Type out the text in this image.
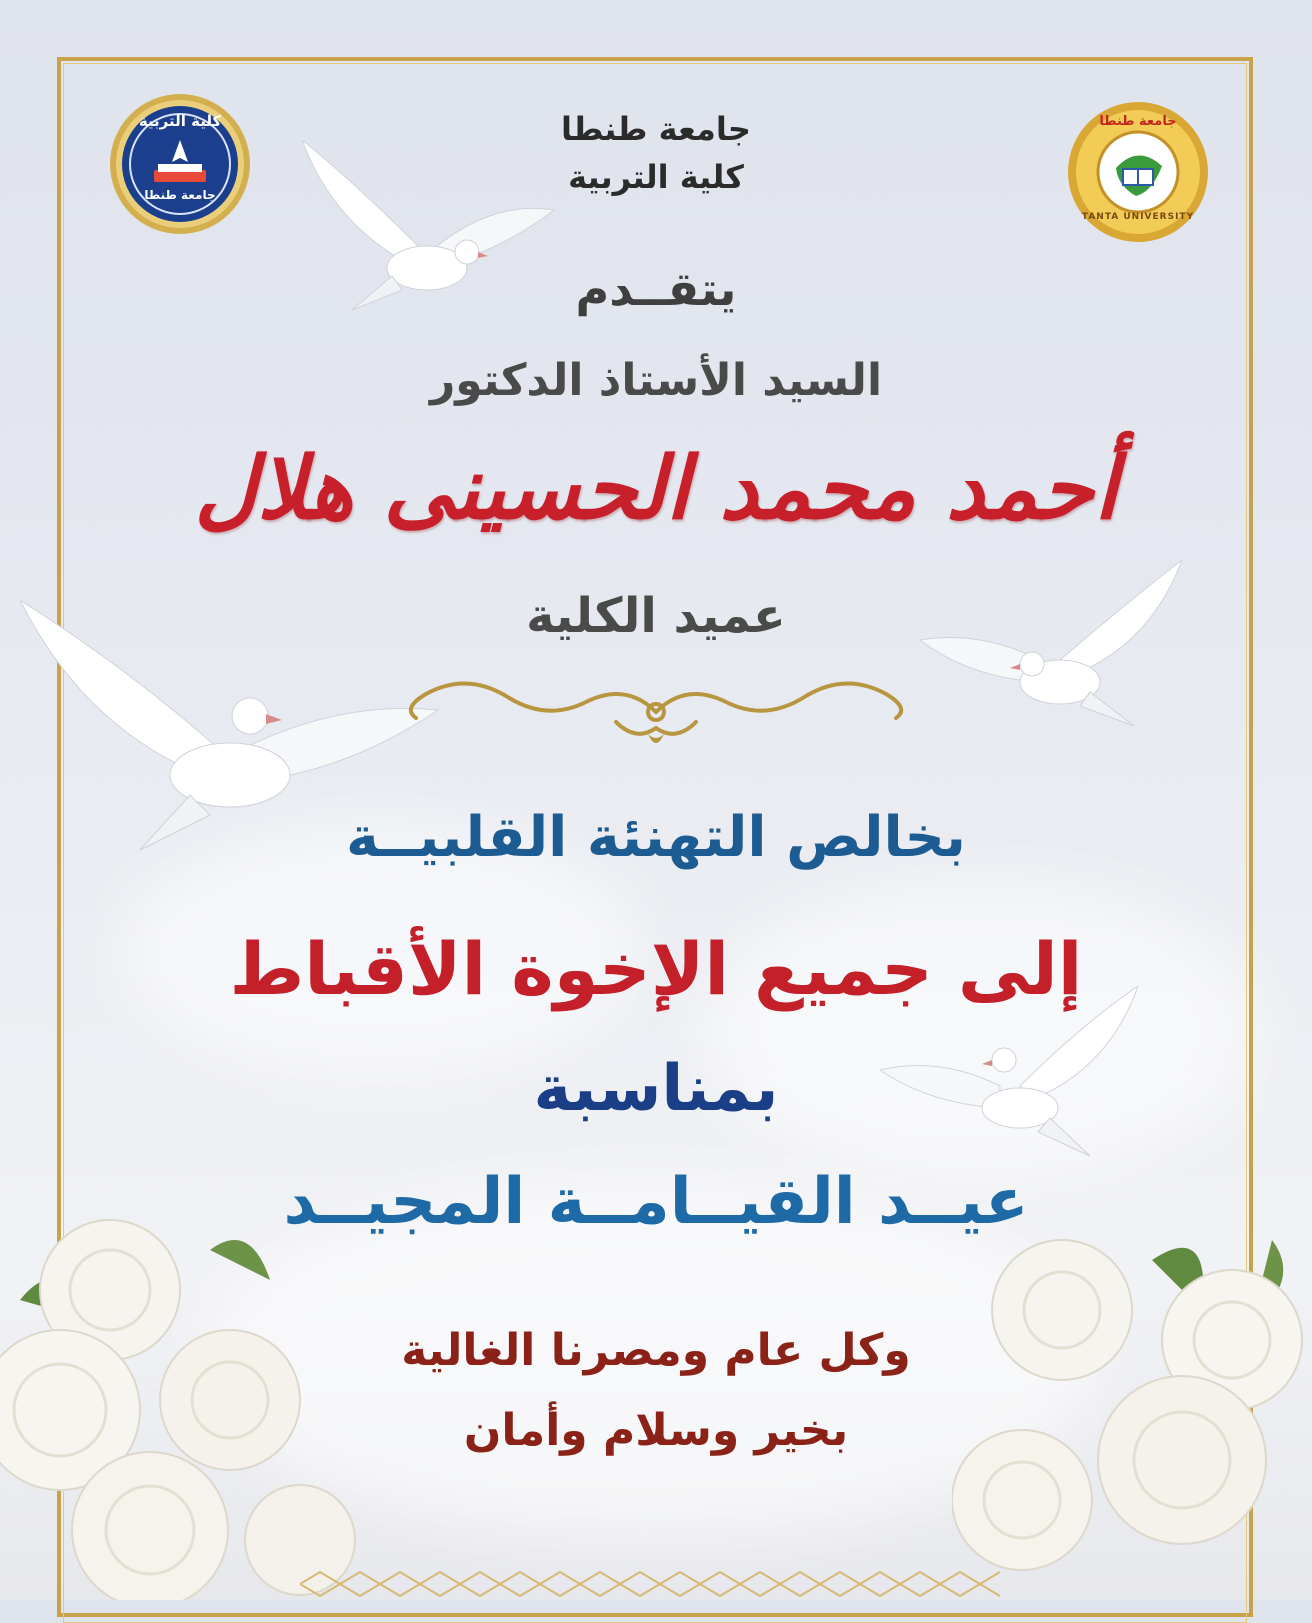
كلية التربية
جامعة طنطا
جامعة طنطا
TANTA UNIVERSITY
جامعة طنطا
كلية التربية
يتقــدم
السيد الأستاذ الدكتور
أحمد محمد الحسينى هلال
عميد الكلية
بخالص التهنئة القلبيــة
إلى جميع الإخوة الأقباط
بمناسبة
عيــد القيــامــة المجيــد
وكل عام ومصرنا الغالية
بخير وسلام وأمان
